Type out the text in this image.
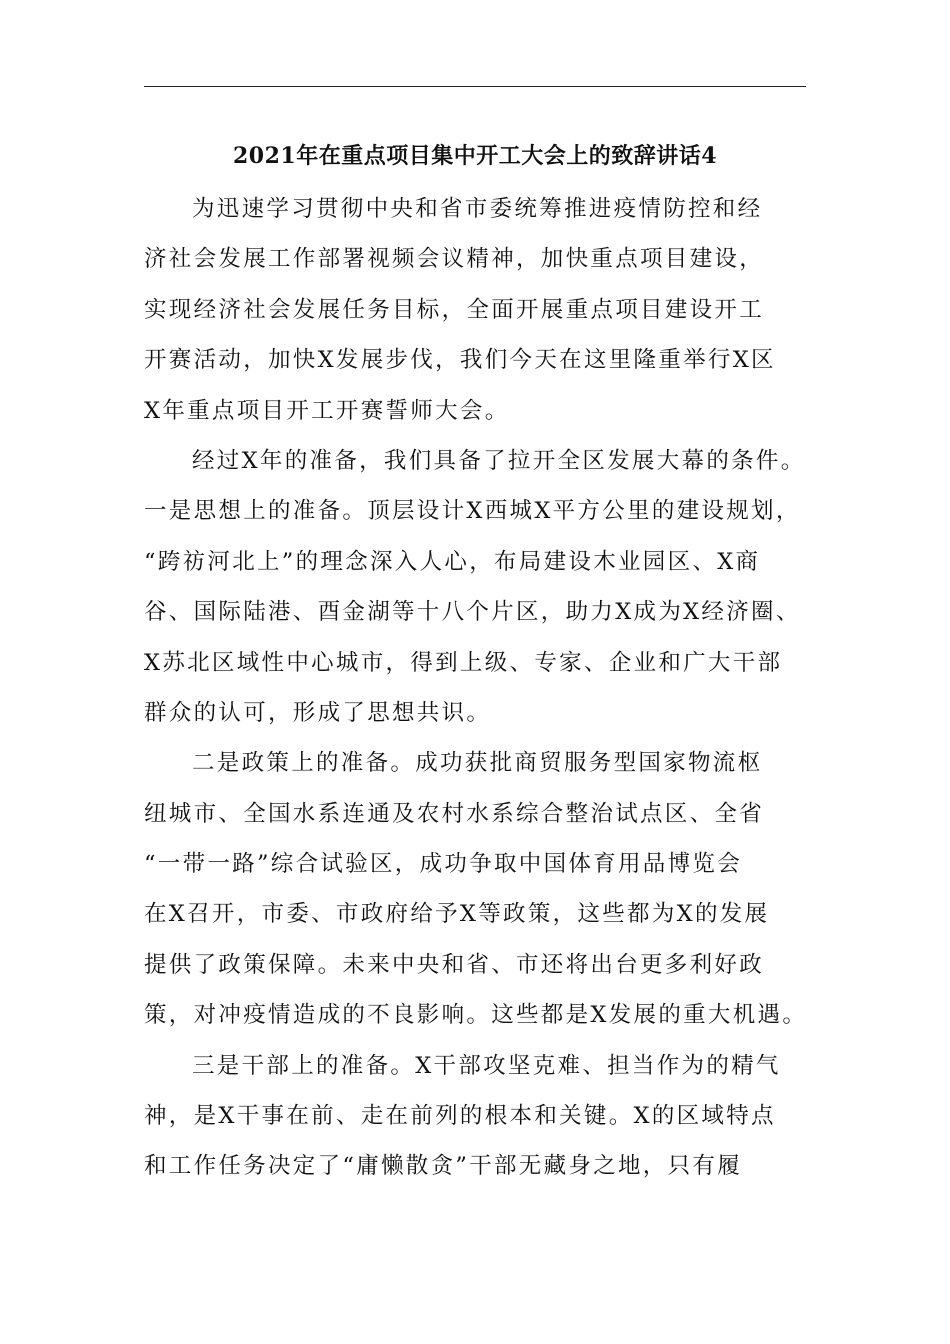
2021年在重点项目集中开工大会上的致辞讲话4
为迅速学习贯彻中央和省市委统筹推进疫情防控和经
济社会发展工作部署视频会议精神，加快重点项目建设，
实现经济社会发展任务目标，全面开展重点项目建设开工
开赛活动，加快X发展步伐，我们今天在这里隆重举行X区
X年重点项目开工开赛誓师大会。
经过X年的准备，我们具备了拉开全区发展大幕的条件。
一是思想上的准备。顶层设计X西城X平方公里的建设规划，
“跨祊河北上”的理念深入人心，布局建设木业园区、X商
谷、国际陆港、酉金湖等十八个片区，助力X成为X经济圈、
X苏北区域性中心城市，得到上级、专家、企业和广大干部
群众的认可，形成了思想共识。
二是政策上的准备。成功获批商贸服务型国家物流枢
纽城市、全国水系连通及农村水系综合整治试点区、全省
“一带一路”综合试验区，成功争取中国体育用品博览会
在X召开，市委、市政府给予X等政策，这些都为X的发展
提供了政策保障。未来中央和省、市还将出台更多利好政
策，对冲疫情造成的不良影响。这些都是X发展的重大机遇。
三是干部上的准备。X干部攻坚克难、担当作为的精气
神，是X干事在前、走在前列的根本和关键。X的区域特点
和工作任务决定了“庸懒散贪”干部无藏身之地，只有履
